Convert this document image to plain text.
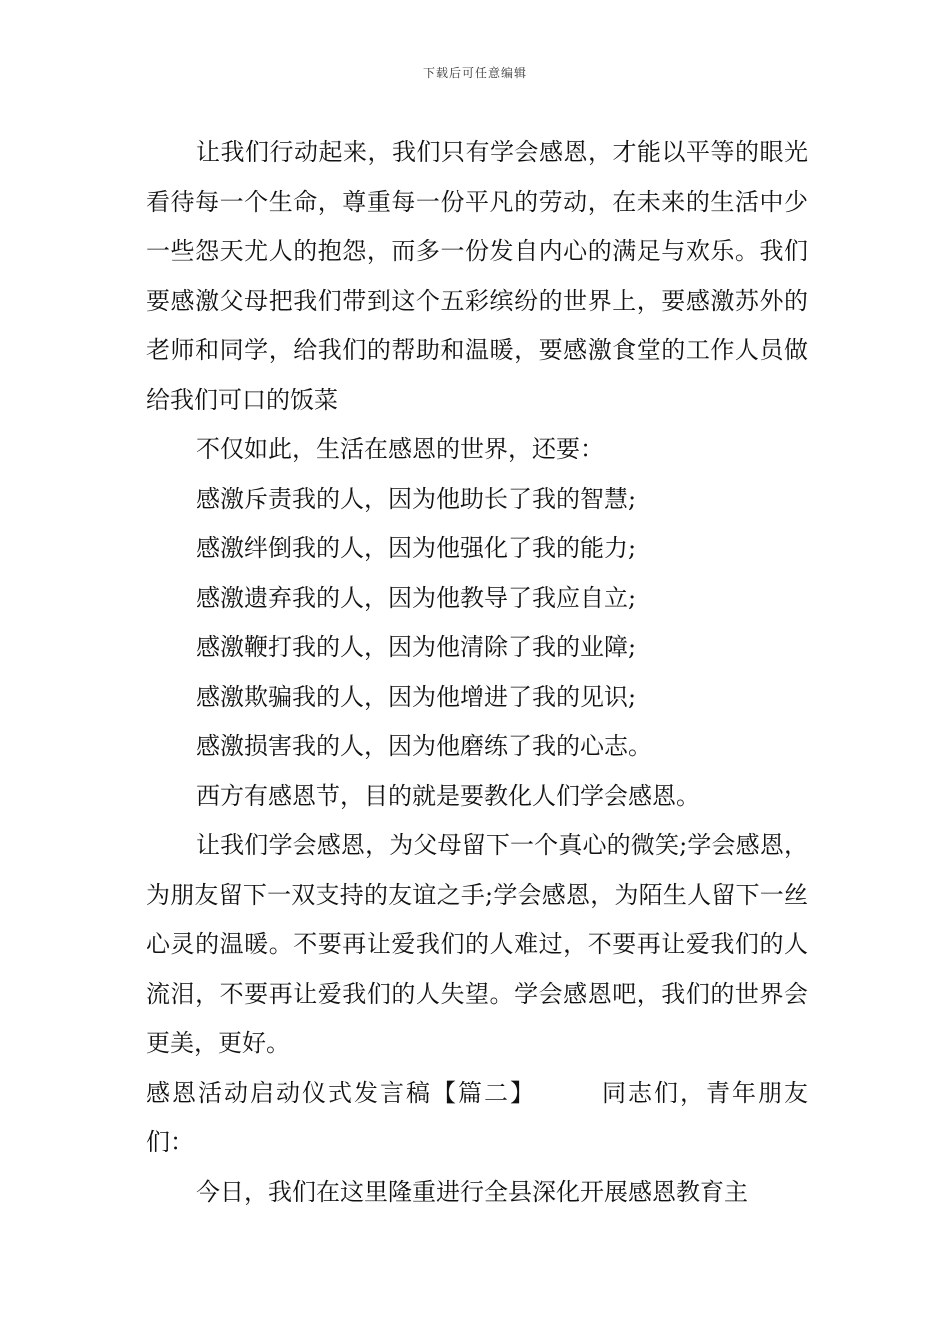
下载后可任意编辑

让我们行动起来，我们只有学会感恩，才能以平等的眼光看待每一个生命，尊重每一份平凡的劳动，在未来的生活中少一些怨天尤人的抱怨，而多一份发自内心的满足与欢乐。我们要感激父母把我们带到这个五彩缤纷的世界上，要感激苏外的老师和同学，给我们的帮助和温暖，要感激食堂的工作人员做给我们可口的饭菜

不仅如此，生活在感恩的世界，还要：

感激斥责我的人，因为他助长了我的智慧;

感激绊倒我的人，因为他强化了我的能力;

感激遗弃我的人，因为他教导了我应自立;

感激鞭打我的人，因为他清除了我的业障;

感激欺骗我的人，因为他增进了我的见识;

感激损害我的人，因为他磨练了我的心志。

西方有感恩节，目的就是要教化人们学会感恩。

让我们学会感恩，为父母留下一个真心的微笑;学会感恩，为朋友留下一双支持的友谊之手;学会感恩，为陌生人留下一丝心灵的温暖。不要再让爱我们的人难过，不要再让爱我们的人流泪，不要再让爱我们的人失望。学会感恩吧，我们的世界会更美，更好。

感恩活动启动仪式发言稿【篇二】	同志们，青年朋友们：

今日，我们在这里隆重进行全县深化开展感恩教育主
